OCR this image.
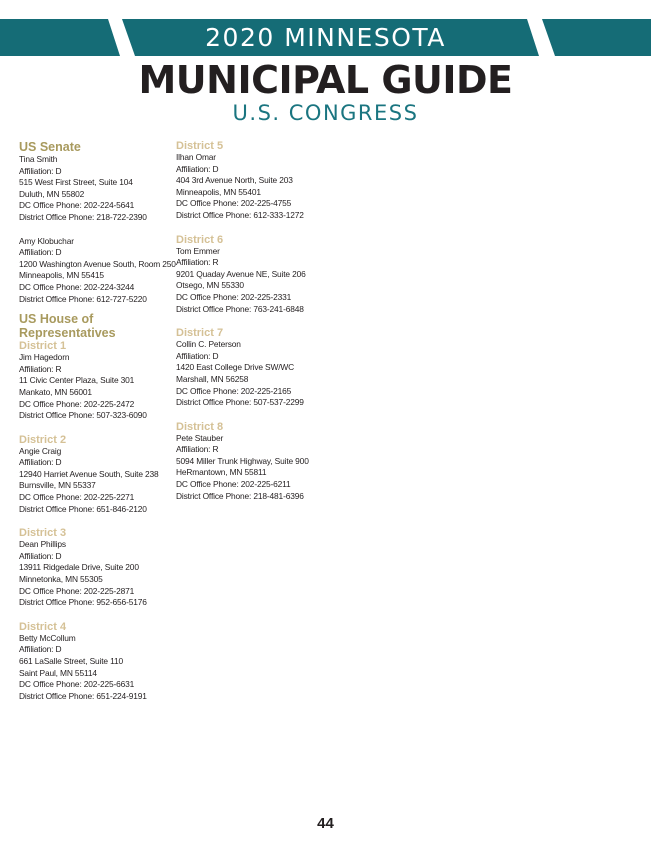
2020 MINNESOTA
MUNICIPAL GUIDE
U.S. CONGRESS
US Senate
Tina Smith
Affiliation: D
515 West First Street, Suite 104
Duluth, MN 55802
DC Office Phone: 202-224-5641
District Office Phone: 218-722-2390
Amy Klobuchar
Affiliation: D
1200 Washington Avenue South, Room 250
Minneapolis, MN 55415
DC Office Phone: 202-224-3244
District Office Phone: 612-727-5220
US House of
Representatives
District 1
Jim Hagedorn
Affiliation: R
11 Civic Center Plaza, Suite 301
Mankato, MN 56001
DC Office Phone: 202-225-2472
District Office Phone: 507-323-6090
District 2
Angie Craig
Affiliation: D
12940 Harriet Avenue South, Suite 238
Burnsville, MN 55337
DC Office Phone: 202-225-2271
District Office Phone: 651-846-2120
District 3
Dean Phillips
Affiliation: D
13911 Ridgedale Drive, Suite 200
Minnetonka, MN 55305
DC Office Phone: 202-225-2871
District Office Phone: 952-656-5176
District 4
Betty McCollum
Affiliation: D
661 LaSalle Street, Suite 110
Saint Paul, MN 55114
DC Office Phone: 202-225-6631
District Office Phone: 651-224-9191
District 5
Ilhan Omar
Affiliation: D
404 3rd Avenue North, Suite 203
Minneapolis, MN 55401
DC Office Phone: 202-225-4755
District Office Phone: 612-333-1272
District 6
Tom Emmer
Affiliation: R
9201 Quaday Avenue NE, Suite 206
Otsego, MN 55330
DC Office Phone: 202-225-2331
District Office Phone: 763-241-6848
District 7
Collin C. Peterson
Affiliation: D
1420 East College Drive SW/WC
Marshall, MN 56258
DC Office Phone: 202-225-2165
District Office Phone: 507-537-2299
District 8
Pete Stauber
Affiliation: R
5094 Miller Trunk Highway, Suite 900
HeRmantown, MN 55811
DC Office Phone: 202-225-6211
District Office Phone: 218-481-6396
44
